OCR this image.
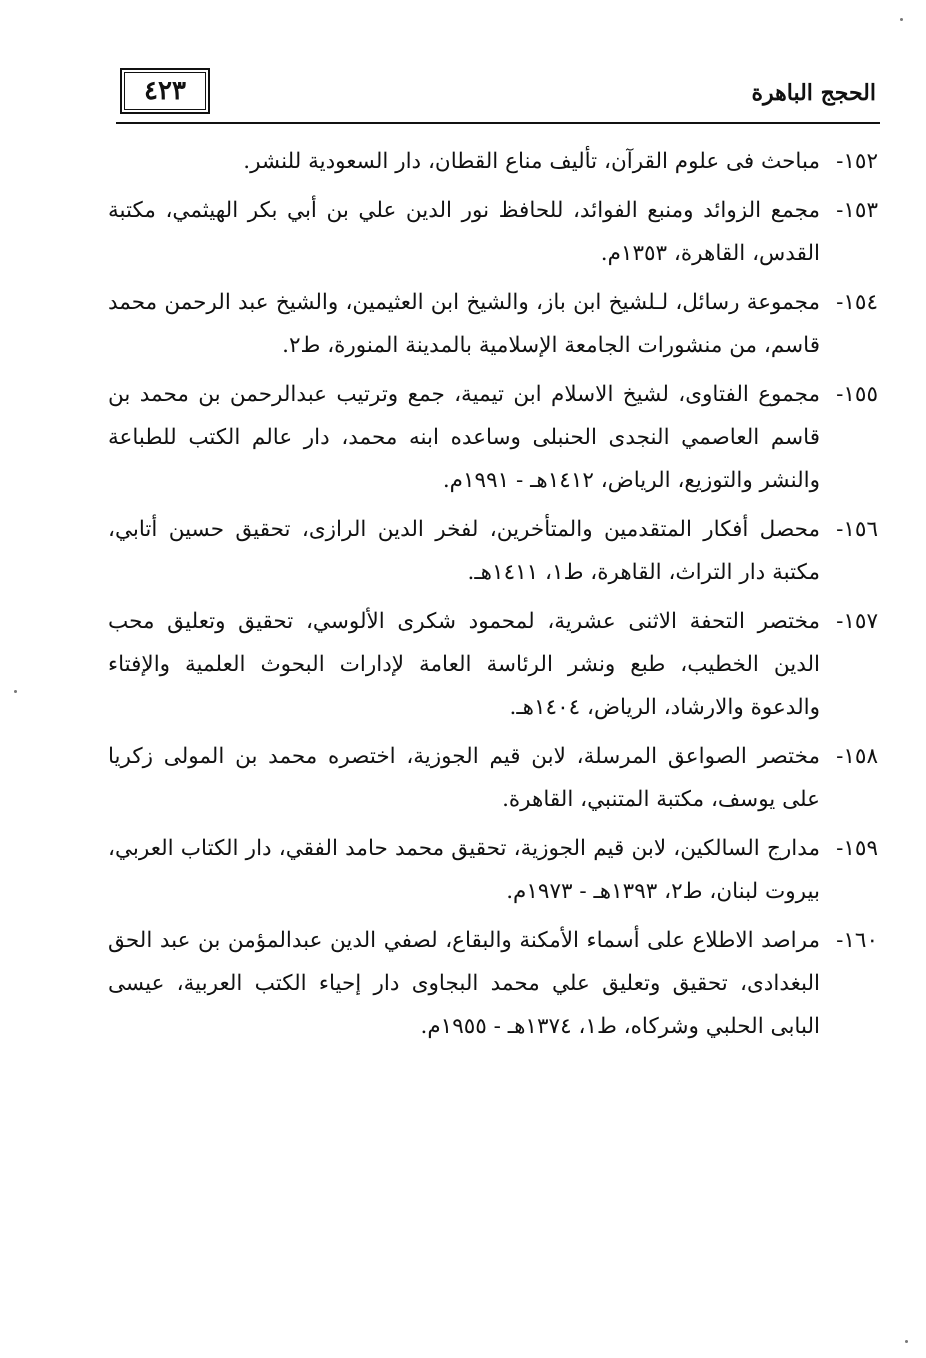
٤٢٣	الحجج الباهرة
١٥٢-مباحث فى علوم القرآن، تأليف مناع القطان، دار السعودية للنشر.
١٥٣-مجمع الزوائد ومنبع الفوائد، للحافظ نور الدين علي بن أبي بكر الهيثمي، مكتبة القدس، القاهرة، ١٣٥٣م.
١٥٤-مجموعة رسائل، لـلشيخ ابن باز، والشيخ ابن العثيمين، والشيخ عبد الرحمن محمد قاسم، من منشورات الجامعة الإسلامية بالمدينة المنورة، ط٢.
١٥٥-مجموع الفتاوى، لشيخ الاسلام ابن تيمية، جمع وترتيب عبدالرحمن بن محمد بن قاسم العاصمي النجدى الحنبلى وساعده ابنه محمد، دار عالم الكتب للطباعة والنشر والتوزيع، الرياض، ١٤١٢هـ - ١٩٩١م.
١٥٦-محصل أفكار المتقدمين والمتأخرين، لفخر الدين الرازى، تحقيق حسين أتابي، مكتبة دار التراث، القاهرة، ط١، ١٤١١هـ.
١٥٧-مختصر التحفة الاثنى عشرية، لمحمود شكرى الألوسي، تحقيق وتعليق محب الدين الخطيب، طبع ونشر الرئاسة العامة لإدارات البحوث العلمية والإفتاء والدعوة والارشاد، الرياض، ١٤٠٤هـ.
١٥٨-مختصر الصواعق المرسلة، لابن قيم الجوزية، اختصره محمد بن المولى زكريا على يوسف، مكتبة المتنبي، القاهرة.
١٥٩-مدارج السالكين، لابن قيم الجوزية، تحقيق محمد حامد الفقي، دار الكتاب العربي، بيروت لبنان، ط٢، ١٣٩٣هـ - ١٩٧٣م.
١٦٠-مراصد الاطلاع على أسماء الأمكنة والبقاع، لصفي الدين عبدالمؤمن بن عبد الحق البغدادى، تحقيق وتعليق علي محمد البجاوى دار إحياء الكتب العربية، عيسى البابى الحلبي وشركاه، ط١، ١٣٧٤هـ - ١٩٥٥م.
